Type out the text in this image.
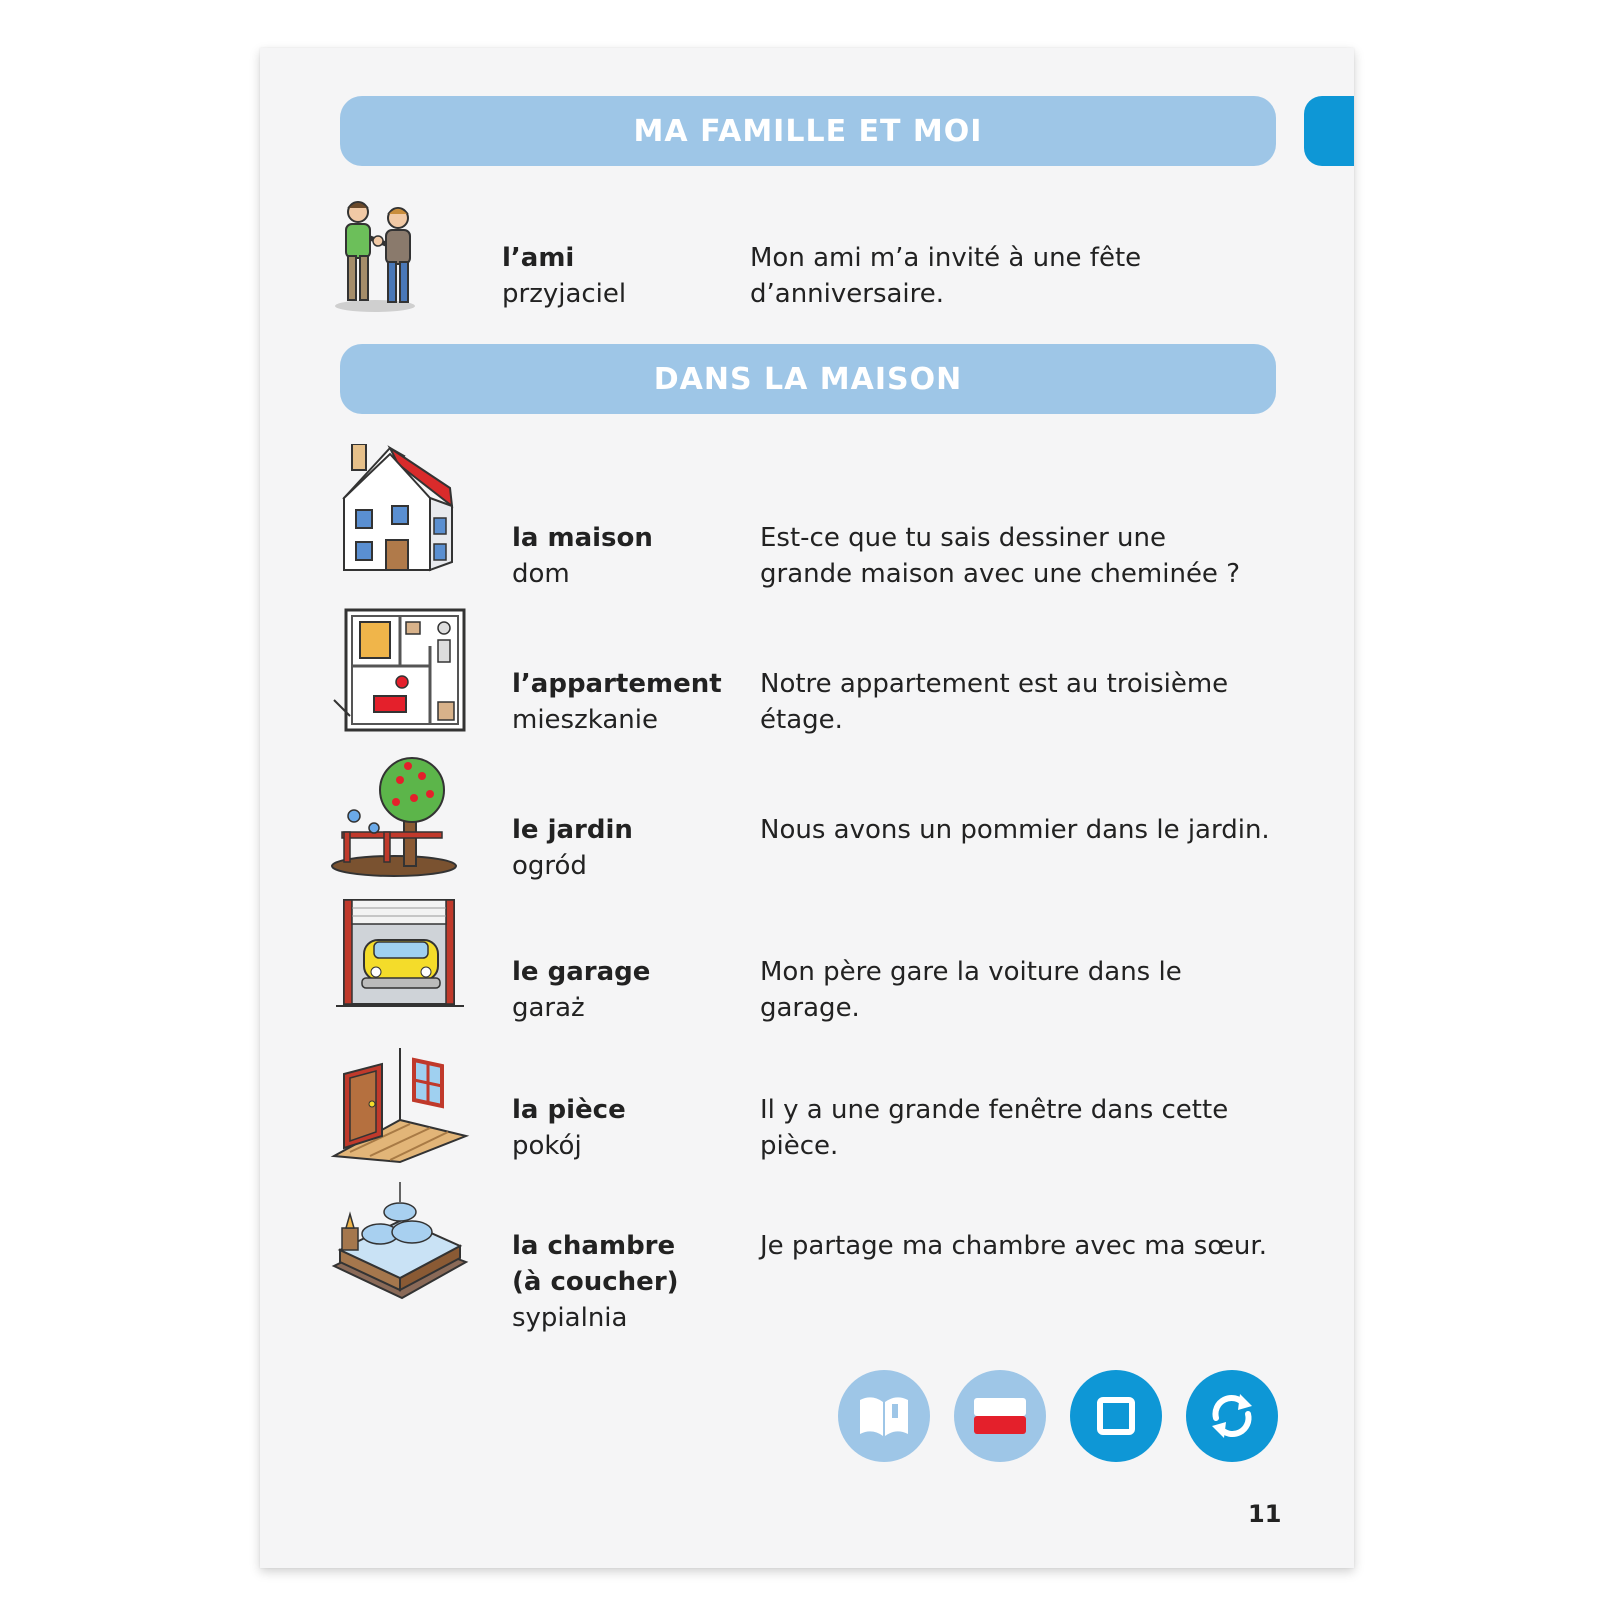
MA FAMILLE ET MOI
l’ami
przyjaciel
Mon ami m’a invité à une fête d’anniversaire.
DANS LA MAISON
la maison
dom
Est-ce que tu sais dessiner une grande maison avec une cheminée ?
l’appartement
mieszkanie
Notre appartement est au troisième étage.
le jardin
ogród
Nous avons un pommier dans le jardin.
le garage
garaż
Mon père gare la voiture dans le garage.
la pièce
pokój
Il y a une grande fenêtre dans cette pièce.
la chambre
(à coucher)
sypialnia
Je partage ma chambre avec ma sœur.
11
